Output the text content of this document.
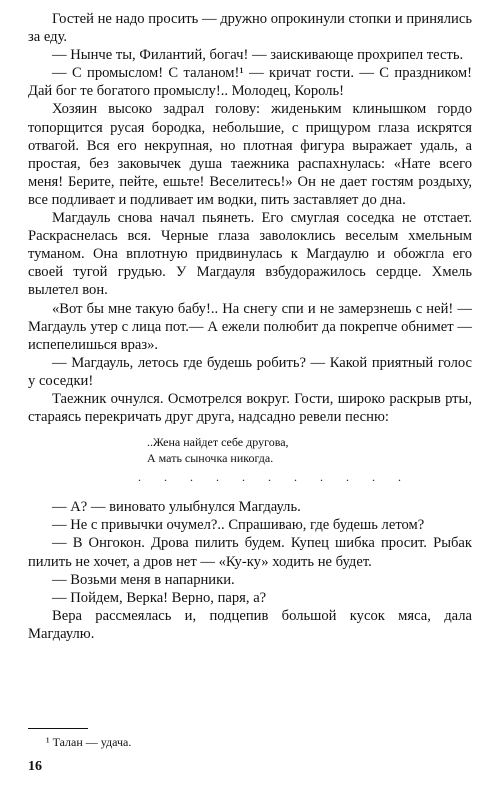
Гостей не надо просить — дружно опрокинули стопки и принялись за еду.

— Нынче ты, Филантий, богач! — заискивающе прохрипел тесть.

— С промыслом! С таланом!¹ — кричат гости. — С праздником! Дай бог те богатого промыслу!.. Молодец, Король!

Хозяин высоко задрал голову: жиденьким клинышком гордо топорщится русая бородка, небольшие, с прищуром глаза искрятся отвагой. Вся его некрупная, но плотная фигура выражает удаль, а простая, без заковычек душа таежника распахнулась: «Нате всего меня! Берите, пейте, ешьте! Веселитесь!» Он не дает гостям роздыху, все подливает и подливает им водки, пить заставляет до дна.

Магдауль снова начал пьянеть. Его смуглая соседка не отстает. Раскраснелась вся. Черные глаза заволоклись веселым хмельным туманом. Она вплотную придвинулась к Магдаулю и обожгла его своей тугой грудью. У Магдауля взбудоражилось сердце. Хмель вылетел вон.

«Вот бы мне такую бабу!.. На снегу спи и не замерзнешь с ней! — Магдауль утер с лица пот.— А ежели полюбит да покрепче обнимет — испепелишься враз».

— Магдауль, летось где будешь робить? — Какой приятный голос у соседки!

Таежник очнулся. Осмотрелся вокруг. Гости, широко раскрыв рты, стараясь перекричать друг друга, надсадно ревели песню:

..Жена найдет себе другова,
А мать сыночка никогда.
. . . . . . . . . . .

— А? — виновато улыбнулся Магдауль.

— Не с привычки очумел?.. Спрашиваю, где будешь летом?

— В Онгокон. Дрова пилить будем. Купец шибка просит. Рыбак пилить не хочет, а дров нет — «Ку-ку» ходить не будет.

— Возьми меня в напарники.

— Пойдем, Верка! Верно, паря, а?

Вера рассмеялась и, подцепив большой кусок мяса, дала Магдаулю.

¹ Талан — удача.
16
